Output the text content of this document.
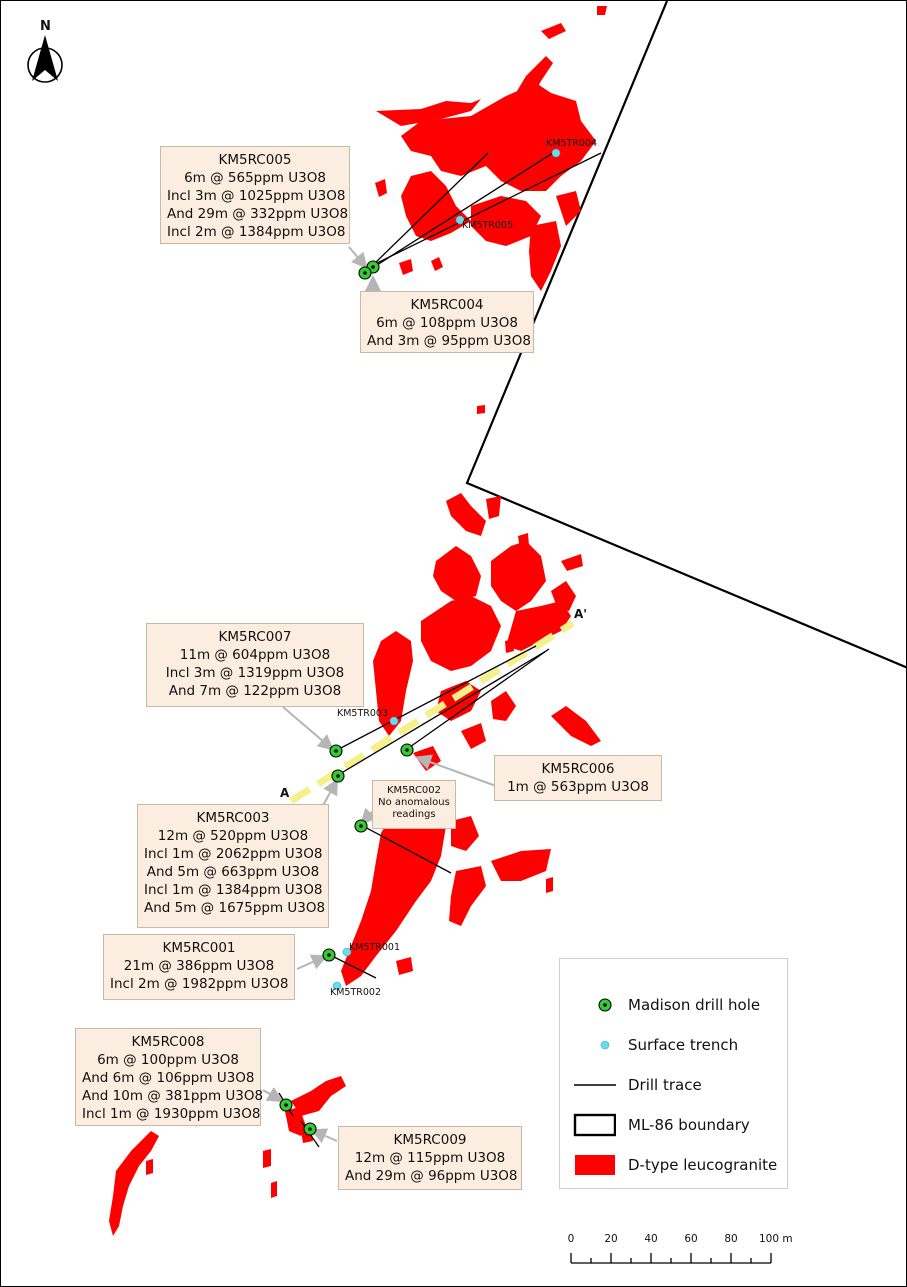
N
A
A'
KM5TR004
KM5TR005
KM5TR003
KM5TR001
KM5TR002
KM5RC005
6m @ 565ppm U3O8
Incl 3m @ 1025ppm U3O8
And 29m @ 332ppm U3O8
Incl 2m @ 1384ppm U3O8
KM5RC004
6m @ 108ppm U3O8
And 3m @ 95ppm U3O8
KM5RC007
11m @ 604ppm U3O8
Incl 3m @ 1319ppm U3O8
And 7m @ 122ppm U3O8
KM5RC006
1m @ 563ppm U3O8
KM5RC002
No anomalous
readings
KM5RC003
12m @ 520ppm U3O8
Incl 1m @ 2062ppm U3O8
And 5m @ 663ppm U3O8
Incl 1m @ 1384ppm U3O8
And 5m @ 1675ppm U3O8
KM5RC001
21m @ 386ppm U3O8
Incl 2m @ 1982ppm U3O8
KM5RC008
6m @ 100ppm U3O8
And 6m @ 106ppm U3O8
And 10m @ 381ppm U3O8
Incl 1m @ 1930ppm U3O8
KM5RC009
12m @ 115ppm U3O8
And 29m @ 96ppm U3O8
Madison drill hole
Surface trench
Drill trace
ML-86 boundary
D-type leucogranite
0	20	40	60	80 100 m
